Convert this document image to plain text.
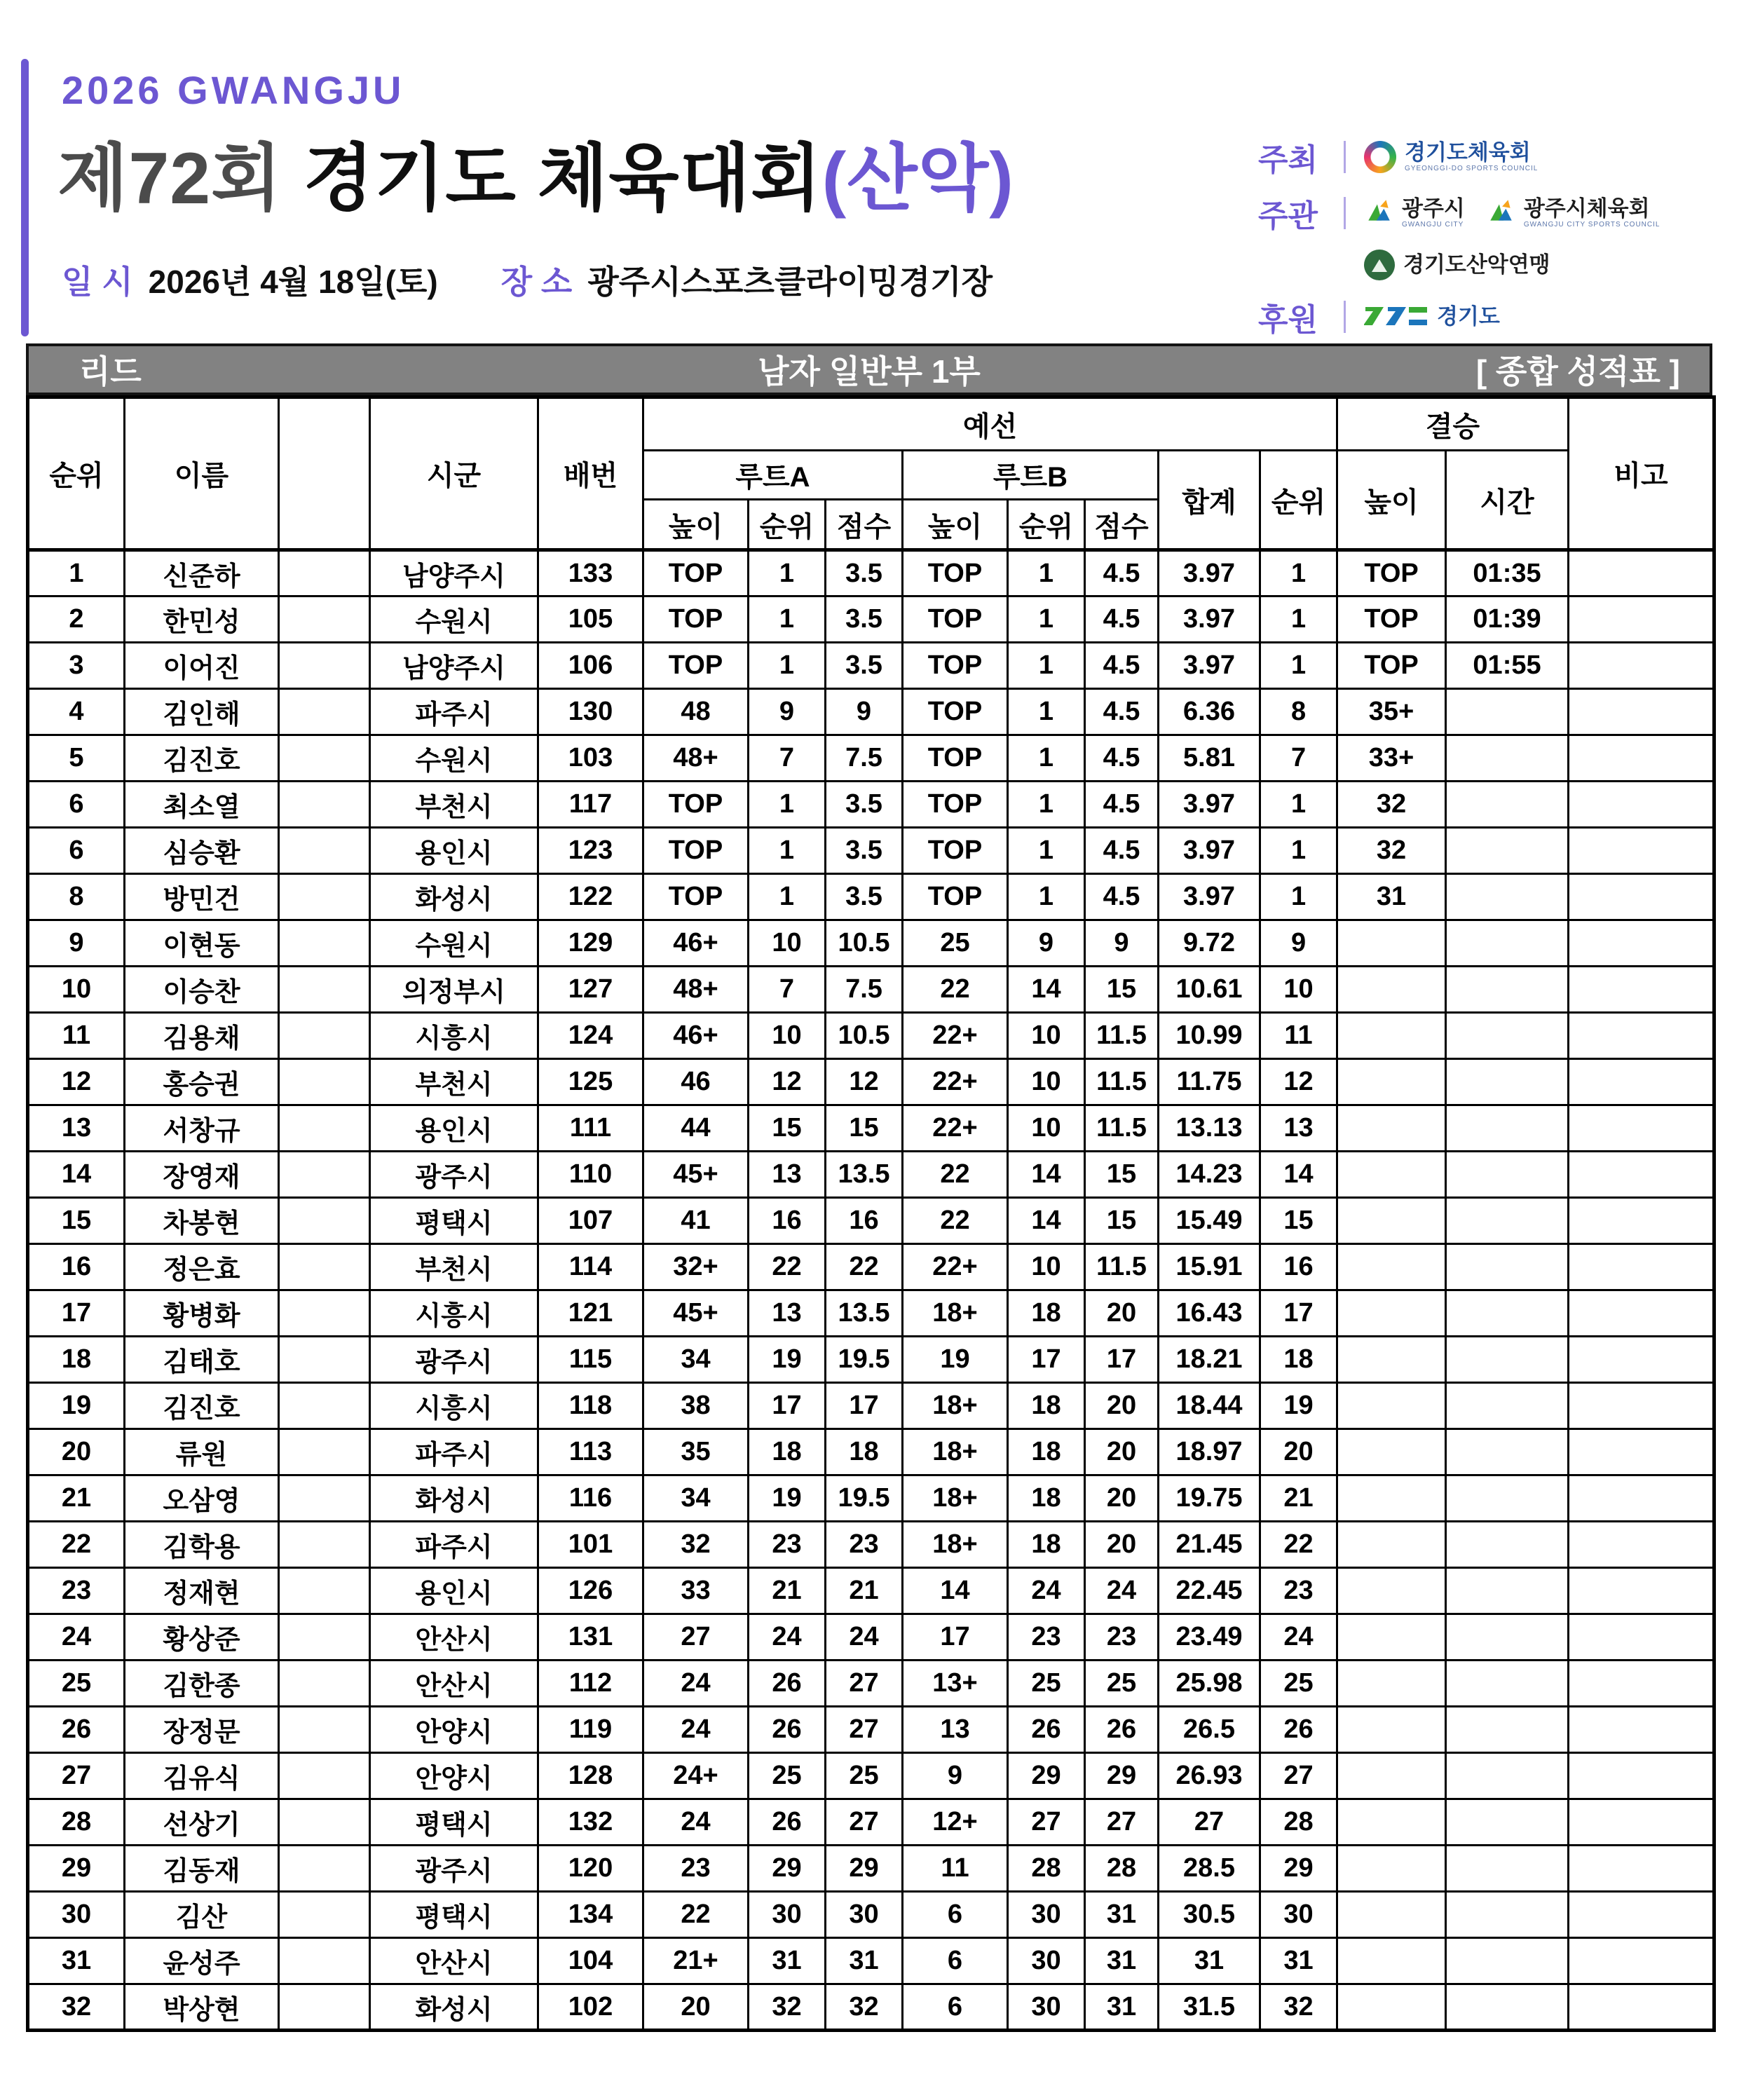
2026 GWANGJU
제72회 경기도 체육대회(산악)
일 시 2026년 4월 18일(토) 장 소 광주시스포츠클라이밍경기장
주최	경기도체육회
GYEONGGI-DO SPORTS COUNCIL
주관	광주시
GWANGJU CITY
광주시체육회
GWANGJU CITY SPORTS COUNCIL
경기도산악연맹
후원	경기도
리드	남자 일반부 1부	[ 종합 성적표 ]
순위	이름		시군	배번	예선								결승		비고
					루트A			루트B			합계	순위	높이	시간	
					높이	순위	점수	높이	순위	점수					
1	신준하		남양주시	133	TOP	1	3.5	TOP	1	4.5	3.97	1	TOP	01:35	
2	한민성		수원시	105	TOP	1	3.5	TOP	1	4.5	3.97	1	TOP	01:39	
3	이어진		남양주시	106	TOP	1	3.5	TOP	1	4.5	3.97	1	TOP	01:55	
4	김인해		파주시	130	48	9	9	TOP	1	4.5	6.36	8	35+		
5	김진호		수원시	103	48+	7	7.5	TOP	1	4.5	5.81	7	33+		
6	최소열		부천시	117	TOP	1	3.5	TOP	1	4.5	3.97	1	32		
6	심승환		용인시	123	TOP	1	3.5	TOP	1	4.5	3.97	1	32		
8	방민건		화성시	122	TOP	1	3.5	TOP	1	4.5	3.97	1	31		
9	이현동		수원시	129	46+	10	10.5	25	9	9	9.72	9			
10	이승찬		의정부시	127	48+	7	7.5	22	14	15	10.61	10			
11	김용채		시흥시	124	46+	10	10.5	22+	10	11.5	10.99	11			
12	홍승권		부천시	125	46	12	12	22+	10	11.5	11.75	12			
13	서창규		용인시	111	44	15	15	22+	10	11.5	13.13	13			
14	장영재		광주시	110	45+	13	13.5	22	14	15	14.23	14			
15	차봉현		평택시	107	41	16	16	22	14	15	15.49	15			
16	정은효		부천시	114	32+	22	22	22+	10	11.5	15.91	16			
17	황병화		시흥시	121	45+	13	13.5	18+	18	20	16.43	17			
18	김태호		광주시	115	34	19	19.5	19	17	17	18.21	18			
19	김진호		시흥시	118	38	17	17	18+	18	20	18.44	19			
20	류원		파주시	113	35	18	18	18+	18	20	18.97	20			
21	오삼영		화성시	116	34	19	19.5	18+	18	20	19.75	21			
22	김학용		파주시	101	32	23	23	18+	18	20	21.45	22			
23	정재현		용인시	126	33	21	21	14	24	24	22.45	23			
24	황상준		안산시	131	27	24	24	17	23	23	23.49	24			
25	김한종		안산시	112	24	26	27	13+	25	25	25.98	25			
26	장정문		안양시	119	24	26	27	13	26	26	26.5	26			
27	김유식		안양시	128	24+	25	25	9	29	29	26.93	27			
28	선상기		평택시	132	24	26	27	12+	27	27	27	28			
29	김동재		광주시	120	23	29	29	11	28	28	28.5	29			
30	김산		평택시	134	22	30	30	6	30	31	30.5	30			
31	윤성주		안산시	104	21+	31	31	6	30	31	31	31			
32	박상현		화성시	102	20	32	32	6	30	31	31.5	32			
